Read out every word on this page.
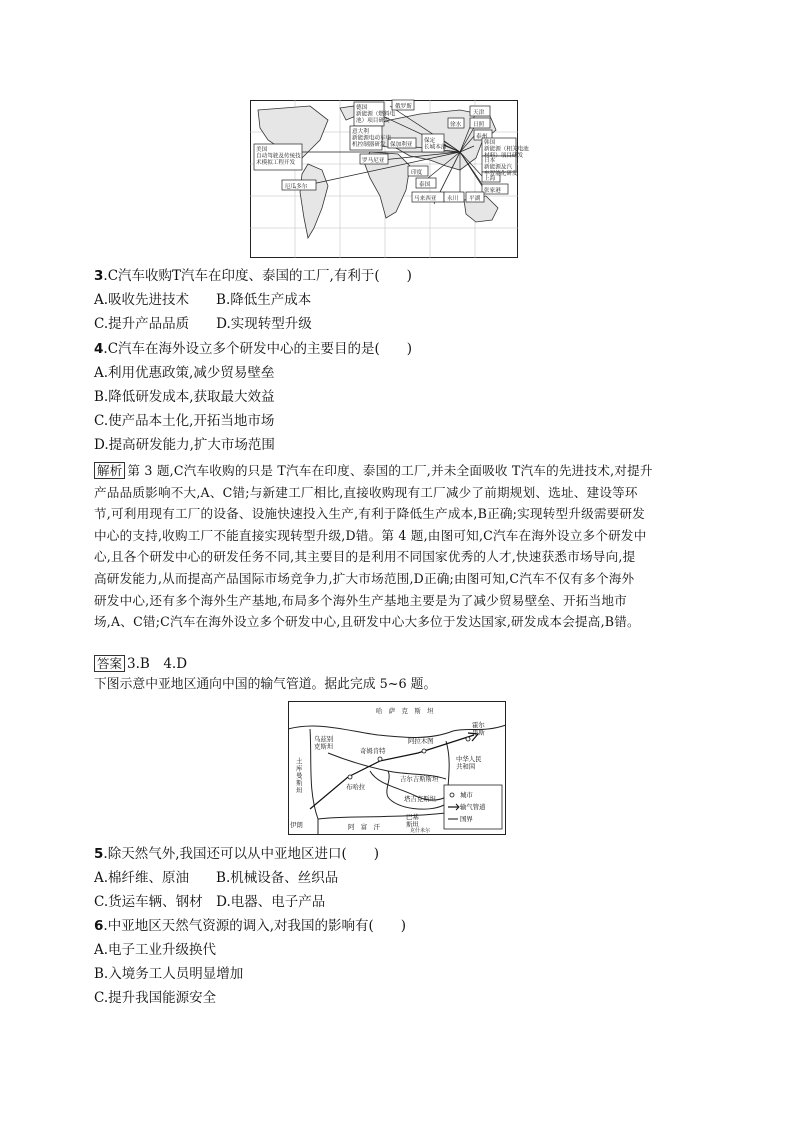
俄罗斯
德国新能源（燃料电池）项目研发
意大利新能源电动车电机控制器研发 保加利亚
罗马尼亚
美国自动驾驶及传统技术模拟工程开发
厄瓜多尔
徐水
天津
日照
泰州
保定长城本部
韩国新能源（相关电池材料）项目研发
日本新能源及汽车智能化研发
上海
张家港
印度
泰国
马来西亚 永川 平湖
3.C汽车收购T汽车在印度、泰国的工厂,有利于(　　)
A.吸收先进技术　　B.降低生产成本
C.提升产品品质　　D.实现转型升级
4.C汽车在海外设立多个研发中心的主要目的是(　　)
A.利用优惠政策,减少贸易壁垒
B.降低研发成本,获取最大效益
C.使产品本土化,开拓当地市场
D.提高研发能力,扩大市场范围
解析 第 3 题,C汽车收购的只是 T汽车在印度、泰国的工厂,并未全面吸收 T汽车的先进技术,对提升
产品品质影响不大,A、C错;与新建工厂相比,直接收购现有工厂减少了前期规划、选址、建设等环
节,可利用现有工厂的设备、设施快速投入生产,有利于降低生产成本,B正确;实现转型升级需要研发
中心的支持,收购工厂不能直接实现转型升级,D错。第 4 题,由图可知,C汽车在海外设立多个研发中
心,且各个研发中心的研发任务不同,其主要目的是利用不同国家优秀的人才,快速获悉市场导向,提
高研发能力,从而提高产品国际市场竞争力,扩大市场范围,D正确;由图可知,C汽车不仅有多个海外
研发中心,还有多个海外生产基地,布局多个海外生产基地主要是为了减少贸易壁垒、开拓当地市
场,A、C错;C汽车在海外设立多个研发中心,且研发中心大多位于发达国家,研发成本会提高,B错。
答案 3.B　4.D
下图示意中亚地区通向中国的输气管道。据此完成 5~6 题。
哈　萨　克　斯　坦
乌兹别克斯坦
奇姆肯特
阿拉木图
霍尔果斯
布哈拉
吉尔吉斯斯坦
中华人民共和国
土库曼斯坦
塔吉克斯坦
伊朗	阿　富　汗
巴基斯坦
克什米尔
城市
输气管道
国界
5.除天然气外,我国还可以从中亚地区进口(　　)
A.棉纤维、原油　　B.机械设备、丝织品
C.货运车辆、钢材　D.电器、电子产品
6.中亚地区天然气资源的调入,对我国的影响有(　　)
A.电子工业升级换代
B.入境务工人员明显增加
C.提升我国能源安全
